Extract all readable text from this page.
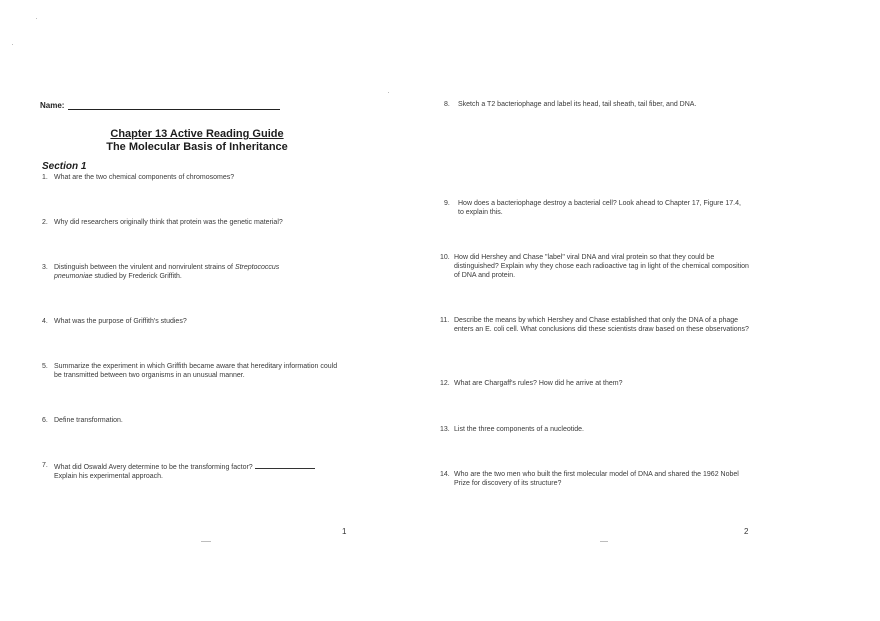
Name:
Chapter 13 Active Reading Guide
The Molecular Basis of Inheritance
Section 1
1. What are the two chemical components of chromosomes?
2. Why did researchers originally think that protein was the genetic material?
3. Distinguish between the virulent and nonvirulent strains of Streptococcus pneumoniae studied by Frederick Griffith.
4. What was the purpose of Griffith's studies?
5. Summarize the experiment in which Griffith became aware that hereditary information could be transmitted between two organisms in an unusual manner.
6. Define transformation.
7. What did Oswald Avery determine to be the transforming factor?
Explain his experimental approach.
1
8. Sketch a T2 bacteriophage and label its head, tail sheath, tail fiber, and DNA.
9. How does a bacteriophage destroy a bacterial cell? Look ahead to Chapter 17, Figure 17.4, to explain this.
10. How did Hershey and Chase "label" viral DNA and viral protein so that they could be distinguished? Explain why they chose each radioactive tag in light of the chemical composition of DNA and protein.
11. Describe the means by which Hershey and Chase established that only the DNA of a phage enters an E. coli cell. What conclusions did these scientists draw based on these observations?
12. What are Chargaff's rules? How did he arrive at them?
13. List the three components of a nucleotide.
14. Who are the two men who built the first molecular model of DNA and shared the 1962 Nobel Prize for discovery of its structure?
2
